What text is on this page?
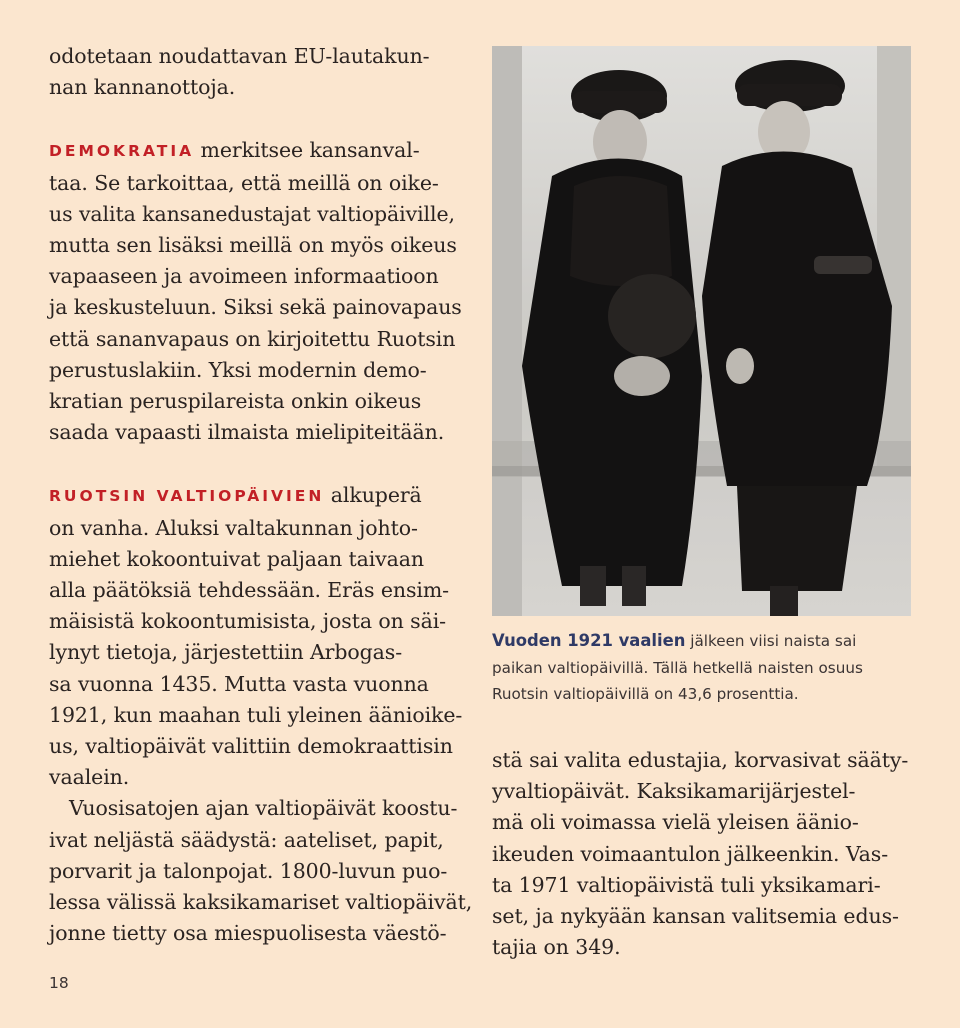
odotetaan noudattavan EU-lautakun-
nan kannanottoja.
DEMOKRATIA merkitsee kansanval-
taa. Se tarkoittaa, että meillä on oike-
us valita kansanedustajat valtiopäiville,
mutta sen lisäksi meillä on myös oikeus
vapaaseen ja avoimeen informaatioon
ja keskusteluun. Siksi sekä painovapaus
että sananvapaus on kirjoitettu Ruotsin
perustuslakiin. Yksi modernin demo-
kratian peruspilareista onkin oikeus
saada vapaasti ilmaista mielipiteitään.
RUOTSIN VALTIOPÄIVIEN alkuperä
on vanha. Aluksi valtakunnan johto-
miehet kokoontuivat paljaan taivaan
alla päätöksiä tehdessään. Eräs ensim-
mäisistä kokoontumisista, josta on säi-
lynyt tietoja, järjestettiin Arbogas-
sa vuonna 1435. Mutta vasta vuonna
1921, kun maahan tuli yleinen äänioike-
us, valtiopäivät valittiin demokraattisin
vaalein.
Vuosisatojen ajan valtiopäivät koostu-
ivat neljästä säädystä: aateliset, papit,
porvarit ja talonpojat. 1800-luvun puo-
lessa välissä kaksikamariset valtiopäivät,
jonne tietty osa miespuolisesta väestö-
Vuoden 1921 vaalien jälkeen viisi naista sai
paikan valtiopäivillä. Tällä hetkellä naisten osuus
Ruotsin valtiopäivillä on 43,6 prosenttia.
stä sai valita edustajia, korvasivat sääty-
yvaltiopäivät. Kaksikamarijärjestel-
mä oli voimassa vielä yleisen äänio-
ikeuden voimaantulon jälkeenkin. Vas-
ta 1971 valtiopäivistä tuli yksikamari-
set, ja nykyään kansan valitsemia edus-
tajia on 349.
18
